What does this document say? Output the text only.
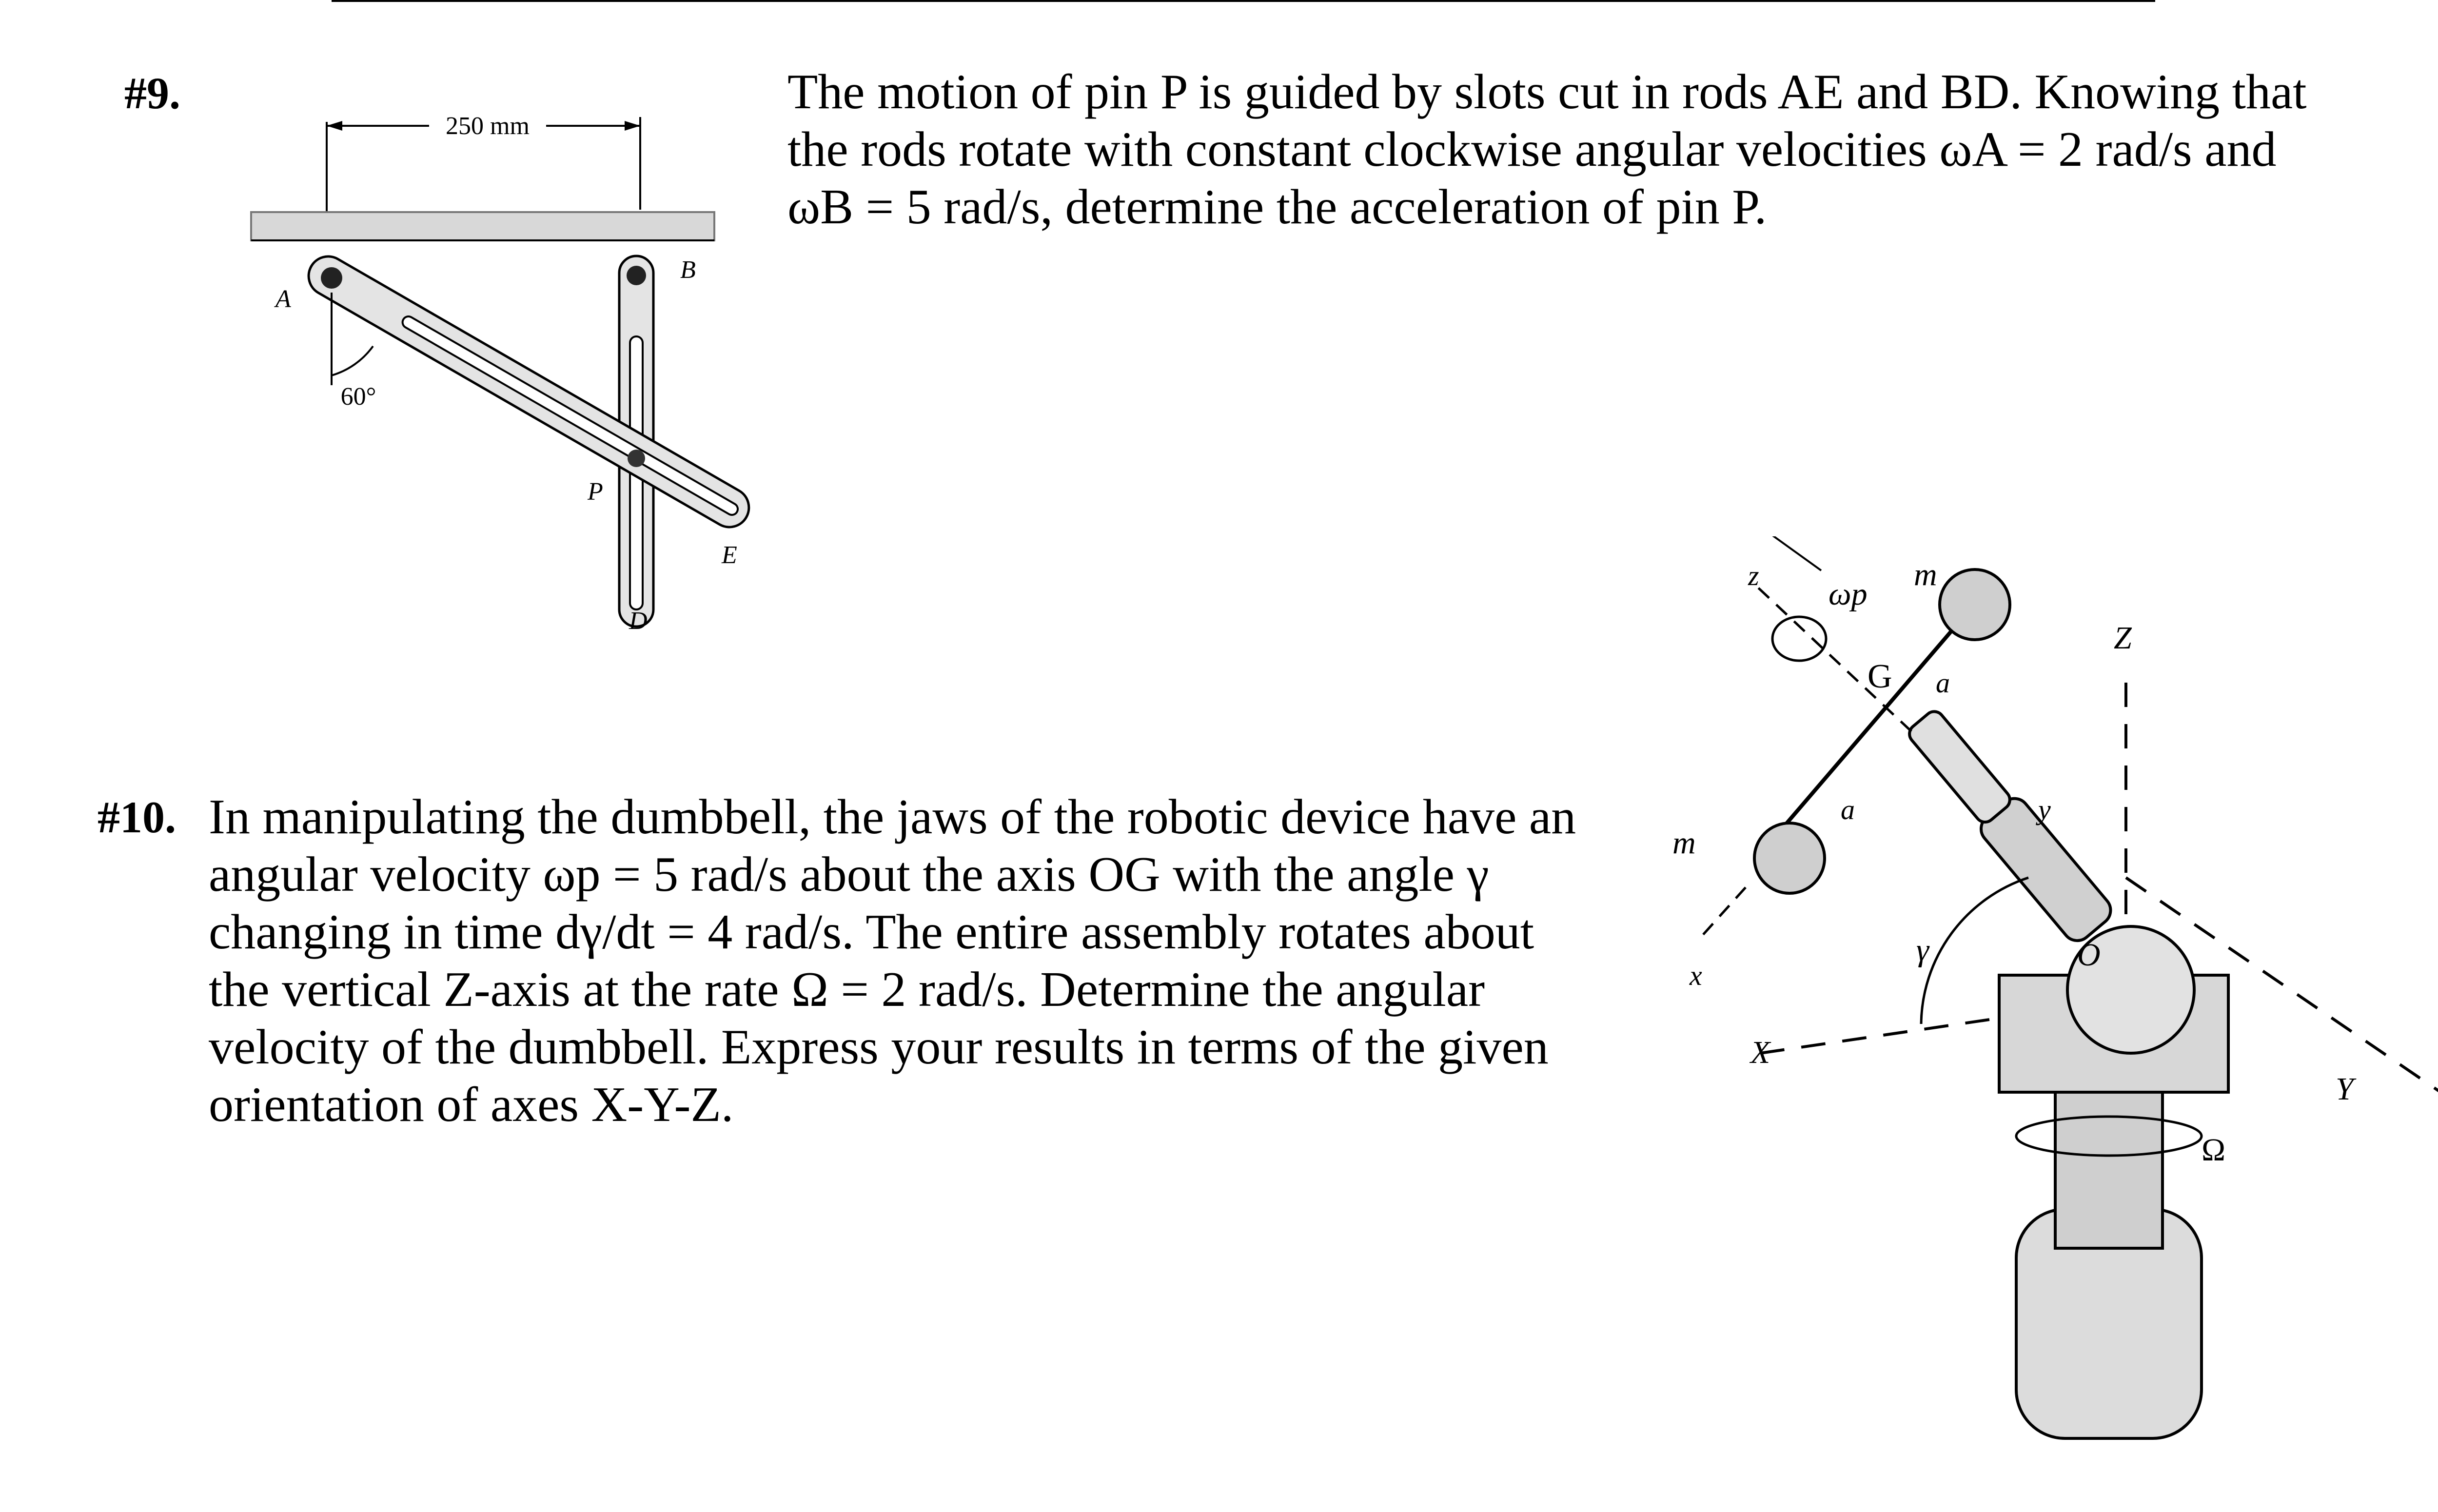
#9.	The motion of pin P is guided by slots cut in rods AE and BD. Knowing that
the rods rotate with constant clockwise angular velocities ωA = 2 rad/s and
ωB = 5 rad/s, determine the acceleration of pin P.
250 mm
60°
A
B
P
D
E
#10. In manipulating the dumbbell, the jaws of the robotic device have an
angular velocity ωp = 5 rad/s about the axis OG with the angle γ
changing in time dγ/dt = 4 rad/s. The entire assembly rotates about
the vertical Z-axis at the rate Ω = 2 rad/s. Determine the angular
velocity of the dumbbell. Express your results in terms of the given
orientation of axes X-Y-Z.
z
ωp
m
G a
a	y
Z
m
γ	O
x
X
Y
Ω
